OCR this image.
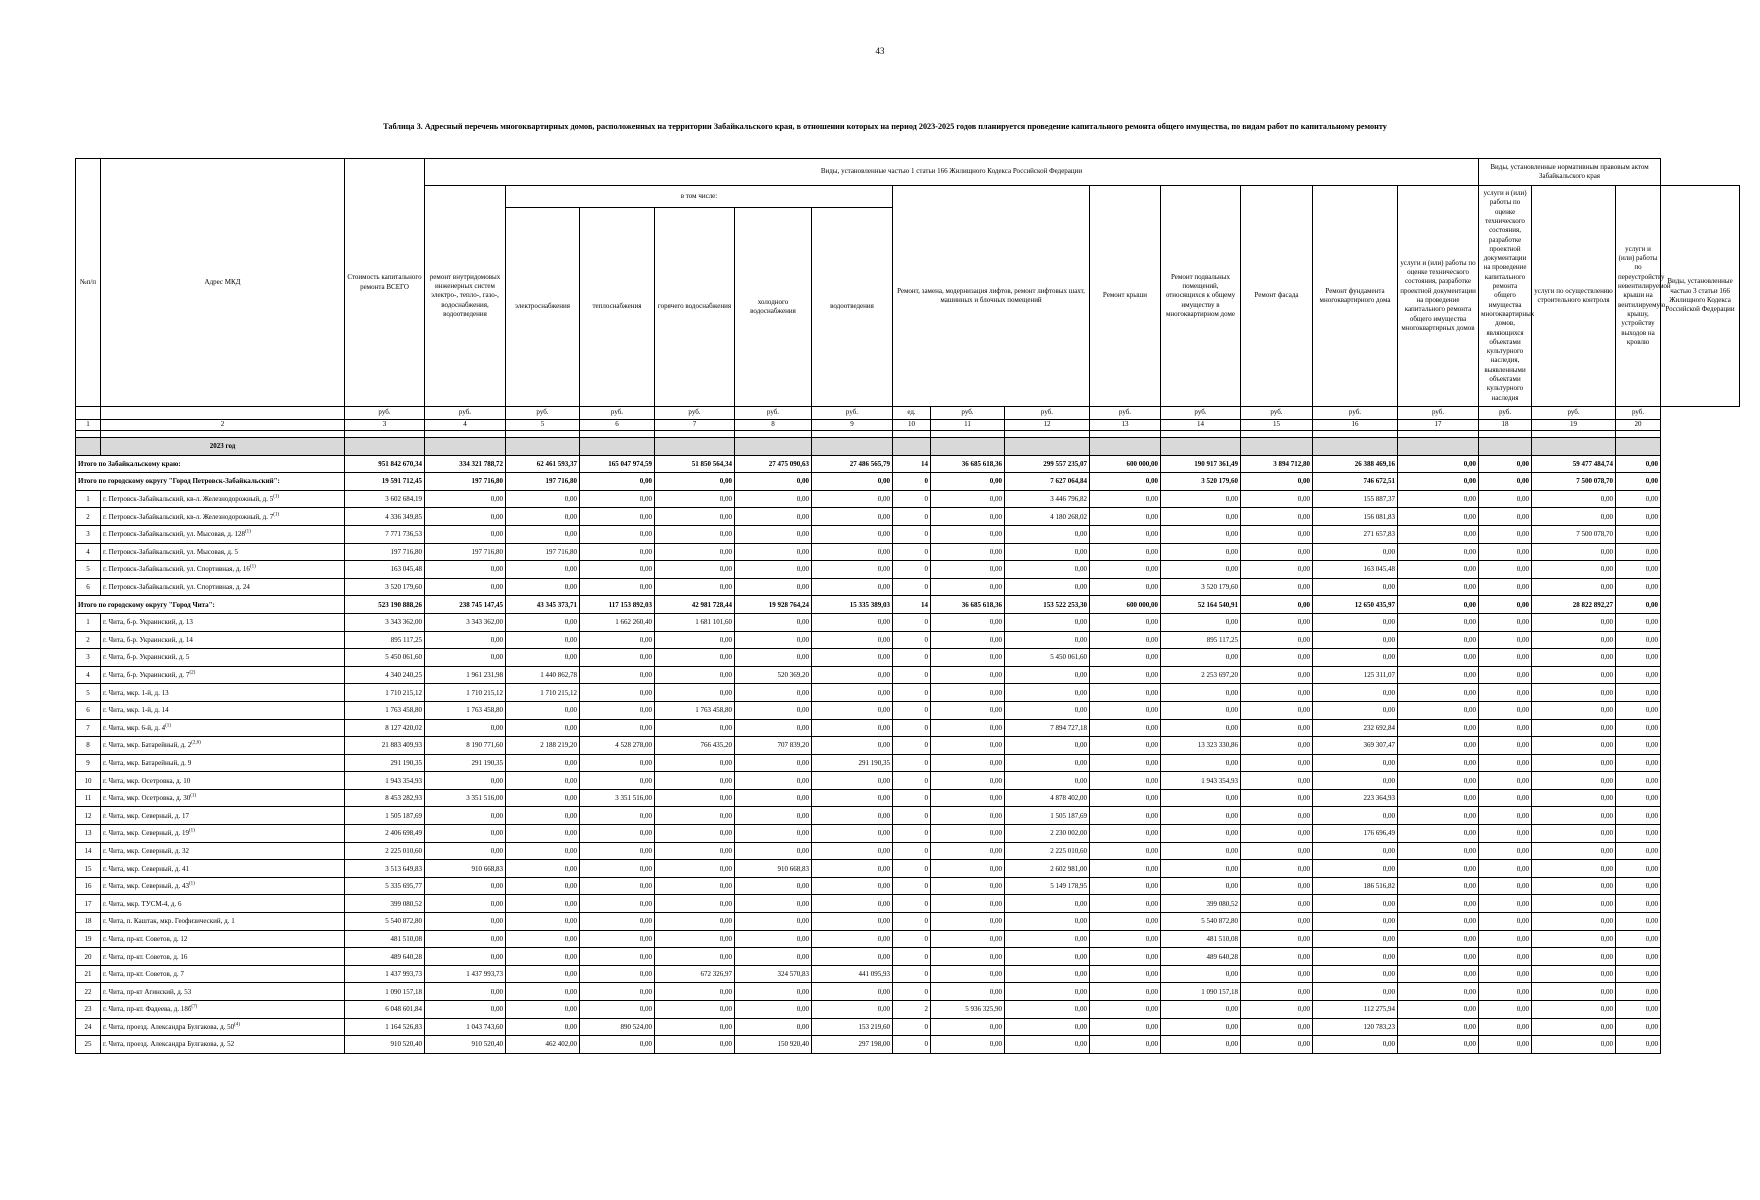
43
Таблица 3. Адресный перечень многоквартирных домов, расположенных на территории Забайкальского края, в отношении которых на период 2023-2025 годов планируется проведение капитального ремонта общего имущества, по видам работ по капитальному ремонту
№п/п	Адрес МКД	Стоимость капитального ремонта ВСЕГО	Виды, установленные частью 1 статьи 166 Жилищного Кодекса Российской Федерации														Виды, установленные нормативным правовым актом Забайкальского края			
			ремонт внутридомовых инженерных систем электро-, тепло-, газо-, водоснабжения, водоотведения	в том числе:					Ремонт, замена, модернизация лифтов, ремонт лифтовых шахт, машинных и блочных помещений			Ремонт крыши	Ремонт подвальных помещений, относящихся к общему имуществу в многоквартирном доме	Ремонт фасада	Ремонт фундамента многоквартирного дома	услуги и (или) работы по оценке технического состояния, разработке проектной документации на проведение капитального ремонта общего имущества многоквартирных домов	услуги и (или) работы по оценке технического состояния, разработке проектной документации на проведение капитального ремонта общего имущества многоквартирных домов, являющихся объектами культурного наследия, выявленными объектами культурного наследия	услуги по осуществлению строительного контроля	услуги и (или) работы по переустройству невентилируемой крыши на вентилируемую крышу, устройству выходов на кровлю	Виды, установленные частью 3 статьи 166 Жилищного Кодекса Российской Федерации
				электроснабжения	теплоснабжения	горячего водоснабжения	холодного водоснабжения	водоотведения												
		руб.	руб.	руб.	руб.	руб.	руб.	руб.	ед.	руб.	руб.	руб.	руб.	руб.	руб.	руб.	руб.	руб.	руб.	
1	2	3	4	5	6	7	8	9	10	11	12	13	14	15	16	17	18	19	20	

	2023 год																			
Итого по Забайкальскому краю:		951 842 670,34	334 321 788,72	62 461 593,37	165 047 974,59	51 850 564,34	27 475 090,63	27 486 565,79	14	36 685 618,36	299 557 235,07	600 000,00	190 917 361,49	3 894 712,80	26 388 469,16	0,00	0,00	59 477 484,74	0,00	
Итого по городскому округу "Город Петровск-Забайкальский":		19 591 712,45	197 716,80	197 716,80	0,00	0,00	0,00	0,00	0	0,00	7 627 064,84	0,00	3 520 179,60	0,00	746 672,51	0,00	0,00	7 500 078,70	0,00	
1	г. Петровск-Забайкальский, кв-л. Железнодорожный, д. 5$^{(1)}$	3 602 684,19	0,00	0,00	0,00	0,00	0,00	0,00	0	0,00	3 446 796,82	0,00	0,00	0,00	155 887,37	0,00	0,00	0,00	0,00	
2	г. Петровск-Забайкальский, кв-л. Железнодорожный, д. 7$^{(1)}$	4 336 349,85	0,00	0,00	0,00	0,00	0,00	0,00	0	0,00	4 180 268,02	0,00	0,00	0,00	156 081,83	0,00	0,00	0,00	0,00	
3	г. Петровск-Забайкальский, ул. Мысовая, д. 128$^{(1)}$	7 771 736,53	0,00	0,00	0,00	0,00	0,00	0,00	0	0,00	0,00	0,00	0,00	0,00	271 657,83	0,00	0,00	7 500 078,70	0,00	
4	г. Петровск-Забайкальский, ул. Мысовая, д. 5	197 716,80	197 716,80	197 716,80	0,00	0,00	0,00	0,00	0	0,00	0,00	0,00	0,00	0,00	0,00	0,00	0,00	0,00	0,00	
5	г. Петровск-Забайкальский, ул. Спортивная, д. 16$^{(1)}$	163 045,48	0,00	0,00	0,00	0,00	0,00	0,00	0	0,00	0,00	0,00	0,00	0,00	163 045,48	0,00	0,00	0,00	0,00	
6	г. Петровск-Забайкальский, ул. Спортивная, д. 24	3 520 179,60	0,00	0,00	0,00	0,00	0,00	0,00	0	0,00	0,00	0,00	3 520 179,60	0,00	0,00	0,00	0,00	0,00	0,00	
Итого по городскому округу "Город Чита":		523 190 888,26	238 745 147,45	43 345 373,71	117 153 892,03	42 981 728,44	19 928 764,24	15 335 389,03	14	36 685 618,36	153 522 253,30	600 000,00	52 164 540,91	0,00	12 650 435,97	0,00	0,00	28 822 892,27	0,00	
1	г. Чита, б-р. Украинский, д. 13	3 343 362,00	3 343 362,00	0,00	1 662 260,40	1 681 101,60	0,00	0,00	0	0,00	0,00	0,00	0,00	0,00	0,00	0,00	0,00	0,00	0,00	
2	г. Чита, б-р. Украинский, д. 14	895 117,25	0,00	0,00	0,00	0,00	0,00	0,00	0	0,00	0,00	0,00	895 117,25	0,00	0,00	0,00	0,00	0,00	0,00	
3	г. Чита, б-р. Украинский, д. 5	5 450 061,60	0,00	0,00	0,00	0,00	0,00	0,00	0	0,00	5 450 061,60	0,00	0,00	0,00	0,00	0,00	0,00	0,00	0,00	
4	г. Чита, б-р. Украинский, д. 7$^{(2)}$	4 340 240,25	1 961 231,98	1 440 862,78	0,00	0,00	520 369,20	0,00	0	0,00	0,00	0,00	2 253 697,20	0,00	125 311,07	0,00	0,00	0,00	0,00	
5	г. Чита, мкр. 1-й, д. 13	1 710 215,12	1 710 215,12	1 710 215,12	0,00	0,00	0,00	0,00	0	0,00	0,00	0,00	0,00	0,00	0,00	0,00	0,00	0,00	0,00	
6	г. Чита, мкр. 1-й, д. 14	1 763 458,80	1 763 458,80	0,00	0,00	1 763 458,80	0,00	0,00	0	0,00	0,00	0,00	0,00	0,00	0,00	0,00	0,00	0,00	0,00	
7	г. Чита, мкр. 6-й, д. 4$^{(1)}$	8 127 420,02	0,00	0,00	0,00	0,00	0,00	0,00	0	0,00	7 894 727,18	0,00	0,00	0,00	232 692,84	0,00	0,00	0,00	0,00	
8	г. Чита, мкр. Батарейный, д. 2$^{(2,6)}$	21 883 409,93	8 190 771,60	2 188 219,20	4 528 278,00	766 435,20	707 839,20	0,00	0	0,00	0,00	0,00	13 323 330,86	0,00	369 307,47	0,00	0,00	0,00	0,00	
9	г. Чита, мкр. Батарейный, д. 9	291 190,35	291 190,35	0,00	0,00	0,00	0,00	291 190,35	0	0,00	0,00	0,00	0,00	0,00	0,00	0,00	0,00	0,00	0,00	
10	г. Чита, мкр. Осетровка, д. 10	1 943 354,93	0,00	0,00	0,00	0,00	0,00	0,00	0	0,00	0,00	0,00	1 943 354,93	0,00	0,00	0,00	0,00	0,00	0,00	
11	г. Чита, мкр. Осетровка, д. 30$^{(1)}$	8 453 282,93	3 351 516,00	0,00	3 351 516,00	0,00	0,00	0,00	0	0,00	4 878 402,00	0,00	0,00	0,00	223 364,93	0,00	0,00	0,00	0,00	
12	г. Чита, мкр. Северный, д. 17	1 505 187,69	0,00	0,00	0,00	0,00	0,00	0,00	0	0,00	1 505 187,69	0,00	0,00	0,00	0,00	0,00	0,00	0,00	0,00	
13	г. Чита, мкр. Северный, д. 19$^{(1)}$	2 406 698,49	0,00	0,00	0,00	0,00	0,00	0,00	0	0,00	2 230 002,00	0,00	0,00	0,00	176 696,49	0,00	0,00	0,00	0,00	
14	г. Чита, мкр. Северный, д. 32	2 225 010,60	0,00	0,00	0,00	0,00	0,00	0,00	0	0,00	2 225 010,60	0,00	0,00	0,00	0,00	0,00	0,00	0,00	0,00	
15	г. Чита, мкр. Северный, д. 41	3 513 649,83	910 668,83	0,00	0,00	0,00	910 668,83	0,00	0	0,00	2 602 981,00	0,00	0,00	0,00	0,00	0,00	0,00	0,00	0,00	
16	г. Чита, мкр. Северный, д. 43$^{(1)}$	5 335 695,77	0,00	0,00	0,00	0,00	0,00	0,00	0	0,00	5 149 178,95	0,00	0,00	0,00	186 516,82	0,00	0,00	0,00	0,00	
17	г. Чита, мкр. ТУСМ-4, д. 6	399 080,52	0,00	0,00	0,00	0,00	0,00	0,00	0	0,00	0,00	0,00	399 080,52	0,00	0,00	0,00	0,00	0,00	0,00	
18	г. Чита, п. Каштак, мкр. Геофизический, д. 1	5 540 872,80	0,00	0,00	0,00	0,00	0,00	0,00	0	0,00	0,00	0,00	5 540 872,80	0,00	0,00	0,00	0,00	0,00	0,00	
19	г. Чита, пр-кт. Советов, д. 12	481 510,08	0,00	0,00	0,00	0,00	0,00	0,00	0	0,00	0,00	0,00	481 510,08	0,00	0,00	0,00	0,00	0,00	0,00	
20	г. Чита, пр-кт. Советов, д. 16	489 640,28	0,00	0,00	0,00	0,00	0,00	0,00	0	0,00	0,00	0,00	489 640,28	0,00	0,00	0,00	0,00	0,00	0,00	
21	г. Чита, пр-кт. Советов, д. 7	1 437 993,73	1 437 993,73	0,00	0,00	672 326,97	324 570,83	441 095,93	0	0,00	0,00	0,00	0,00	0,00	0,00	0,00	0,00	0,00	0,00	
22	г. Чита, пр-кт Агинский, д. 53	1 090 157,18	0,00	0,00	0,00	0,00	0,00	0,00	0	0,00	0,00	0,00	1 090 157,18	0,00	0,00	0,00	0,00	0,00	0,00	
23	г. Чита, пр-кт. Фадеева, д. $18б^{(7)}$	6 048 601,84	0,00	0,00	0,00	0,00	0,00	0,00	2	5 936 325,90	0,00	0,00	0,00	0,00	112 275,94	0,00	0,00	0,00	0,00	
24	г. Чита, проезд. Александра Булгакова, д. 50$^{(4)}$	1 164 526,83	1 043 743,60	0,00	890 524,00	0,00	0,00	153 219,60	0	0,00	0,00	0,00	0,00	0,00	120 783,23	0,00	0,00	0,00	0,00	
25	г. Чита, проезд. Александра Булгакова, д. 52	910 520,40	910 520,40	462 402,00	0,00	0,00	150 920,40	297 198,00	0	0,00	0,00	0,00	0,00	0,00	0,00	0,00	0,00	0,00	0,00	
